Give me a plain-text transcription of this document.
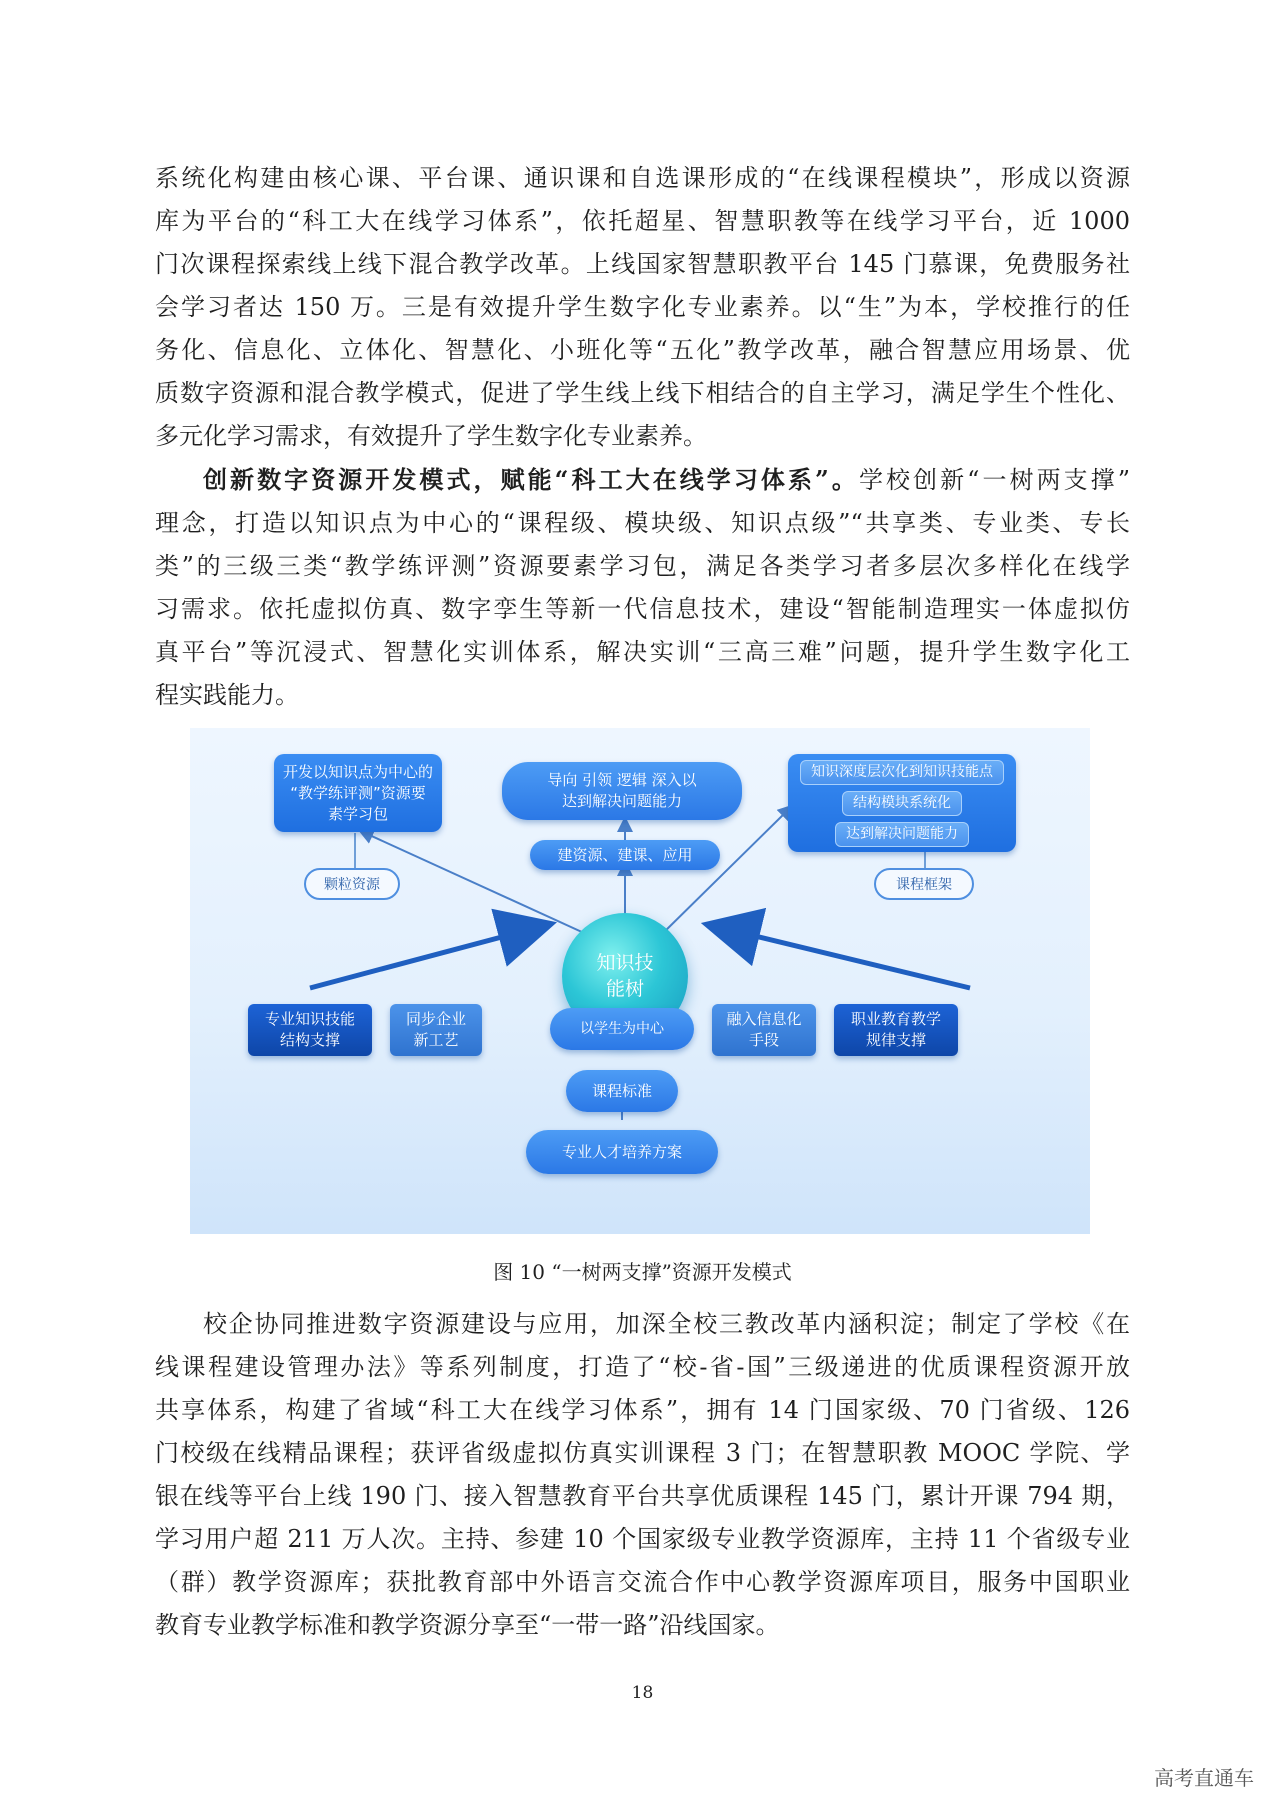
系统化构建由核心课、平台课、通识课和自选课形成的“在线课程模块”，形成以资源
库为平台的“科工大在线学习体系”，依托超星、智慧职教等在线学习平台，近 1000
门次课程探索线上线下混合教学改革。上线国家智慧职教平台 145 门慕课，免费服务社
会学习者达 150 万。三是有效提升学生数字化专业素养。以“生”为本，学校推行的任
务化、信息化、立体化、智慧化、小班化等“五化”教学改革，融合智慧应用场景、优
质数字资源和混合教学模式，促进了学生线上线下相结合的自主学习，满足学生个性化、
多元化学习需求，有效提升了学生数字化专业素养。
创新数字资源开发模式，赋能“科工大在线学习体系”。学校创新“一树两支撑”
理念，打造以知识点为中心的“课程级、模块级、知识点级”“共享类、专业类、专长
类”的三级三类“教学练评测”资源要素学习包，满足各类学习者多层次多样化在线学
习需求。依托虚拟仿真、数字孪生等新一代信息技术，建设“智能制造理实一体虚拟仿
真平台”等沉浸式、智慧化实训体系，解决实训“三高三难”问题，提升学生数字化工
程实践能力。
开发以知识点为中心的
“教学练评测”资源要
素学习包
导向 引领 逻辑 深入以
达到解决问题能力
知识深度层次化到知识技能点
结构模块系统化
达到解决问题能力
颗粒资源
建资源、建课、应用
课程框架
知识技
能树
专业知识技能
结构支撑
同步企业
新工艺
融入信息化
手段
职业教育教学
规律支撑
以学生为中心
课程标准
专业人才培养方案
图 10 “一树两支撑”资源开发模式
校企协同推进数字资源建设与应用，加深全校三教改革内涵积淀；制定了学校《在
线课程建设管理办法》等系列制度，打造了“校-省-国”三级递进的优质课程资源开放
共享体系，构建了省域“科工大在线学习体系”，拥有 14 门国家级、70 门省级、126
门校级在线精品课程；获评省级虚拟仿真实训课程 3 门；在智慧职教 MOOC 学院、学
银在线等平台上线 190 门、接入智慧教育平台共享优质课程 145 门，累计开课 794 期，
学习用户超 211 万人次。主持、参建 10 个国家级专业教学资源库，主持 11 个省级专业
（群）教学资源库；获批教育部中外语言交流合作中心教学资源库项目，服务中国职业
教育专业教学标准和教学资源分享至“一带一路”沿线国家。
18
高考直通车
